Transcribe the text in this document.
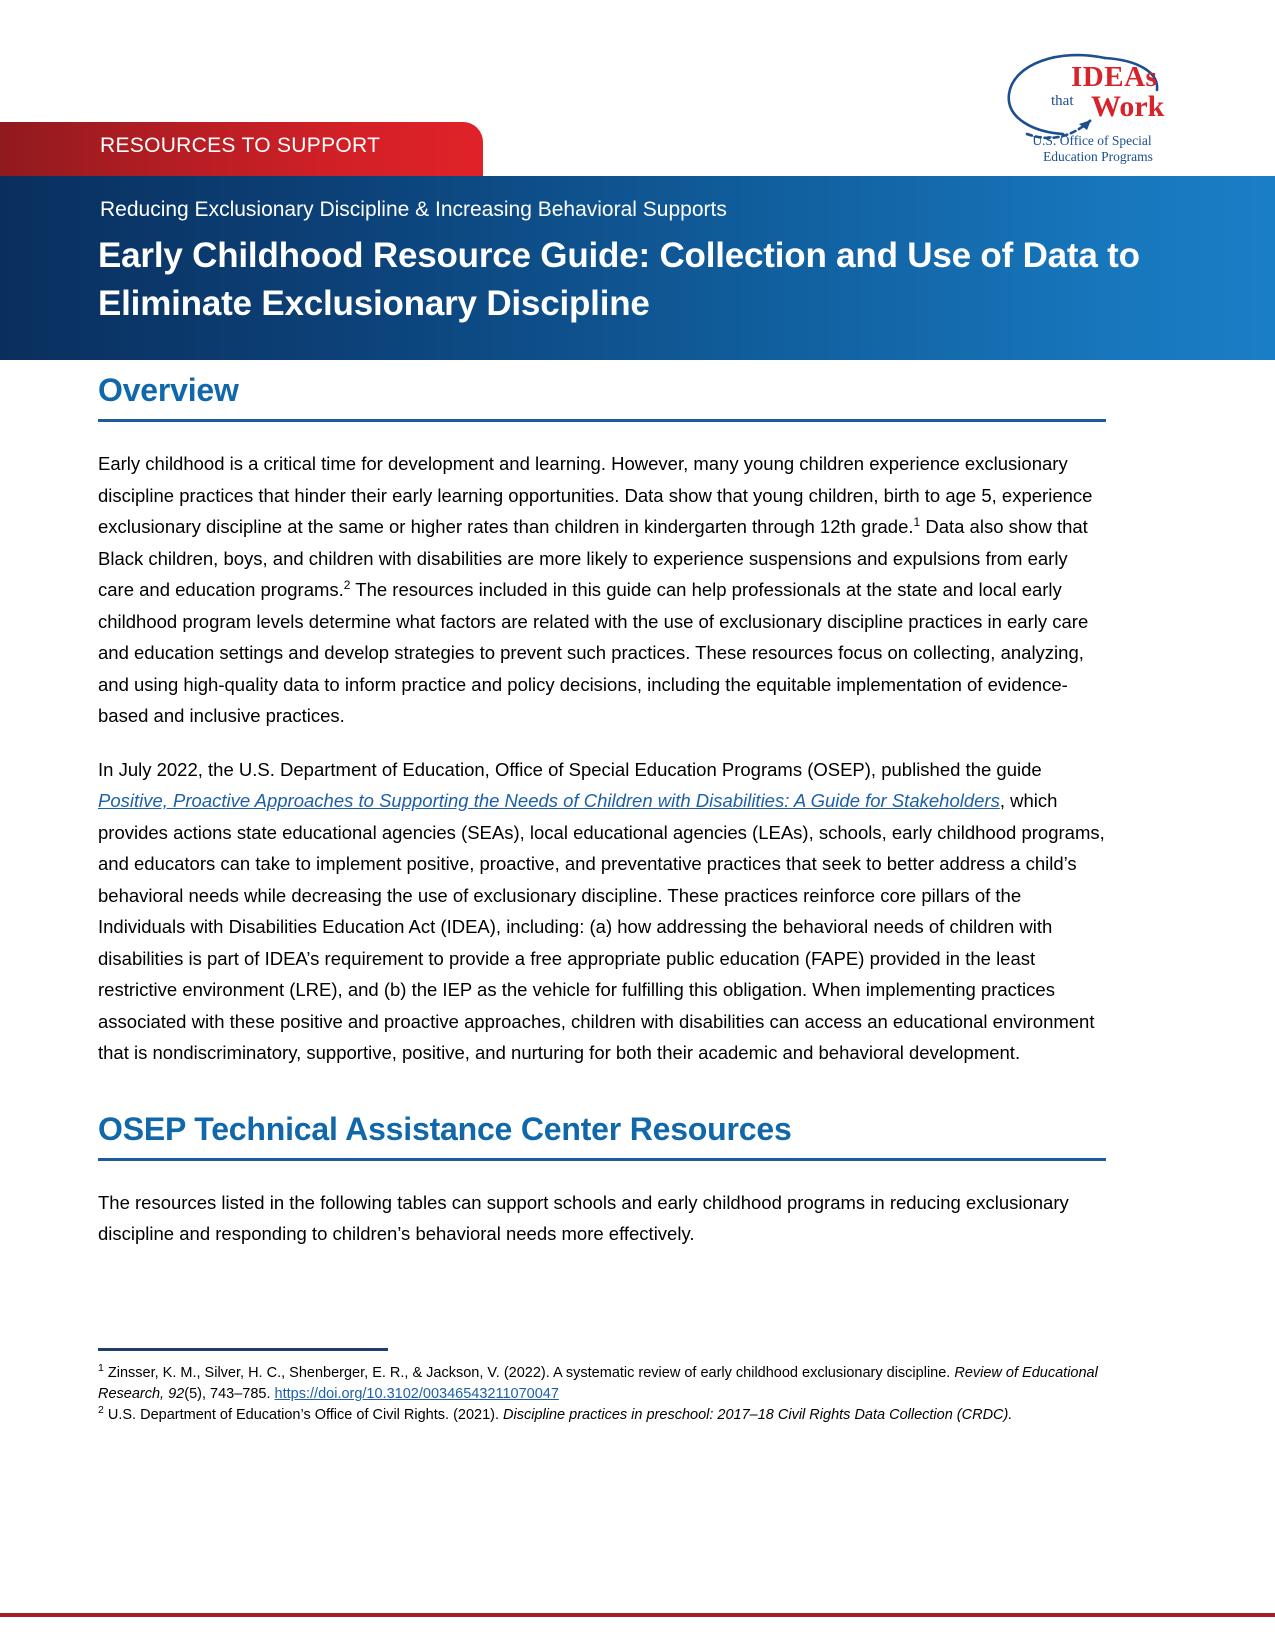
IDEAs
that Work
U.S. Office of Special
Education Programs
RESOURCES TO SUPPORT
Reducing Exclusionary Discipline & Increasing Behavioral Supports
Early Childhood Resource Guide: Collection and Use of Data to Eliminate Exclusionary Discipline
Overview

Early childhood is a critical time for development and learning. However, many young children experience exclusionary discipline practices that hinder their early learning opportunities. Data show that young children, birth to age 5, experience exclusionary discipline at the same or higher rates than children in kindergarten through 12th grade.$^1$ Data also show that Black children, boys, and children with disabilities are more likely to experience suspensions and expulsions from early care and education programs.$^2$ The resources included in this guide can help professionals at the state and local early childhood program levels determine what factors are related with the use of exclusionary discipline practices in early care and education settings and develop strategies to prevent such practices. These resources focus on collecting, analyzing, and using high-quality data to inform practice and policy decisions, including the equitable implementation of evidence-based and inclusive practices.

In July 2022, the U.S. Department of Education, Office of Special Education Programs (OSEP), published the guide Positive, Proactive Approaches to Supporting the Needs of Children with Disabilities: A Guide for Stakeholders, which provides actions state educational agencies (SEAs), local educational agencies (LEAs), schools, early childhood programs, and educators can take to implement positive, proactive, and preventative practices that seek to better address a child’s behavioral needs while decreasing the use of exclusionary discipline. These practices reinforce core pillars of the Individuals with Disabilities Education Act (IDEA), including: (a) how addressing the behavioral needs of children with disabilities is part of IDEA’s requirement to provide a free appropriate public education (FAPE) provided in the least restrictive environment (LRE), and (b) the IEP as the vehicle for fulfilling this obligation. When implementing practices associated with these positive and proactive approaches, children with disabilities can access an educational environment that is nondiscriminatory, supportive, positive, and nurturing for both their academic and behavioral development.

OSEP Technical Assistance Center Resources

The resources listed in the following tables can support schools and early childhood programs in reducing exclusionary discipline and responding to children’s behavioral needs more effectively.

$^1$ Zinsser, K. M., Silver, H. C., Shenberger, E. R., & Jackson, V. (2022). A systematic review of early childhood exclusionary discipline. Review of Educational Research, 92(5), 743–785. https://doi.org/10.3102/00346543211070047

$^2$ U.S. Department of Education’s Office of Civil Rights. (2021). Discipline practices in preschool: 2017–18 Civil Rights Data Collection (CRDC).
